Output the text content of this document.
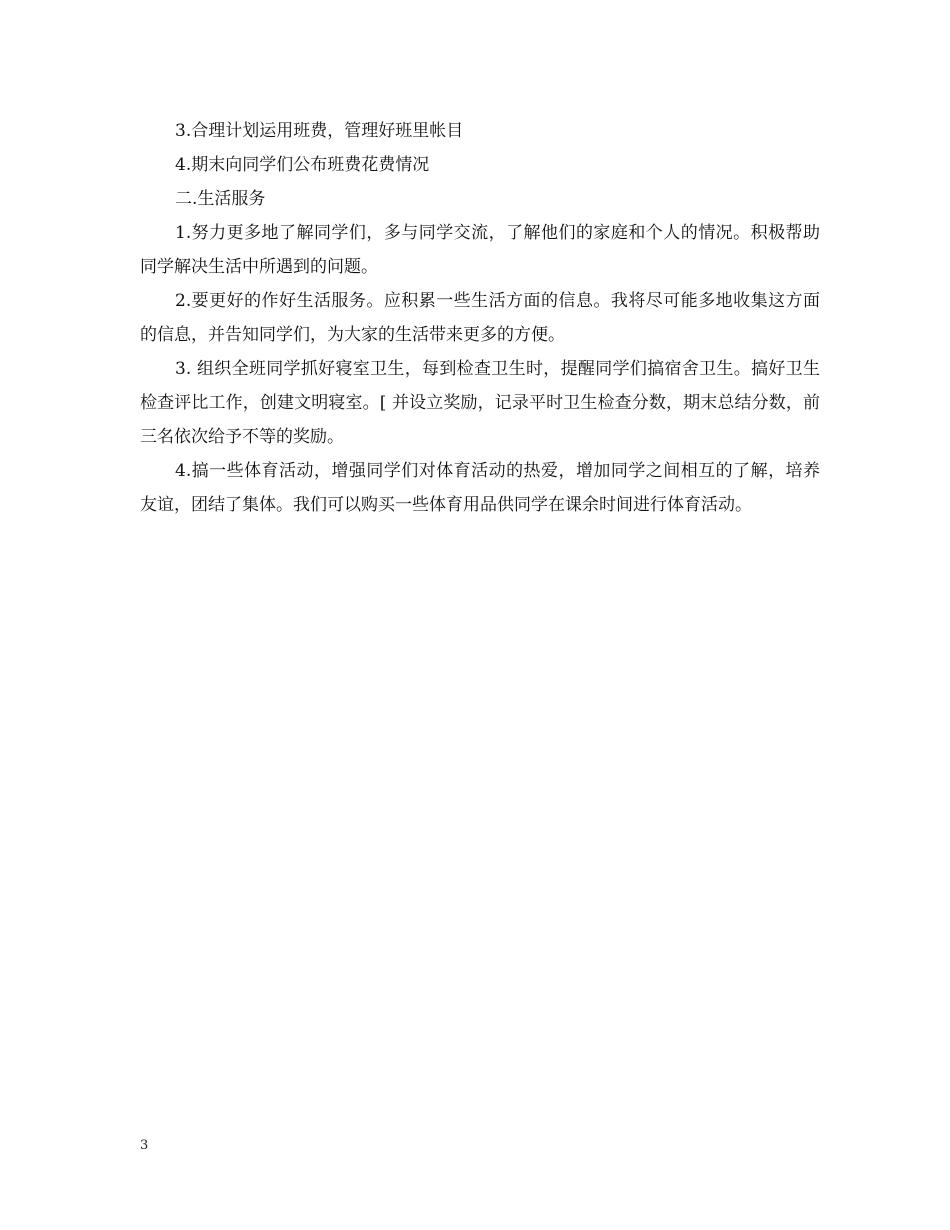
3.合理计划运用班费，管理好班里帐目

4.期末向同学们公布班费花费情况

二.生活服务

1.努力更多地了解同学们，多与同学交流，了解他们的家庭和个人的情况。积极帮助同学解决生活中所遇到的问题。

2.要更好的作好生活服务。应积累一些生活方面的信息。我将尽可能多地收集这方面的信息，并告知同学们，为大家的生活带来更多的方便。

3. 组织全班同学抓好寝室卫生，每到检查卫生时，提醒同学们搞宿舍卫生。搞好卫生检查评比工作，创建文明寝室。[ 并设立奖励，记录平时卫生检查分数，期末总结分数，前三名依次给予不等的奖励。

4.搞一些体育活动，增强同学们对体育活动的热爱，增加同学之间相互的了解，培养友谊，团结了集体。我们可以购买一些体育用品供同学在课余时间进行体育活动。

3
